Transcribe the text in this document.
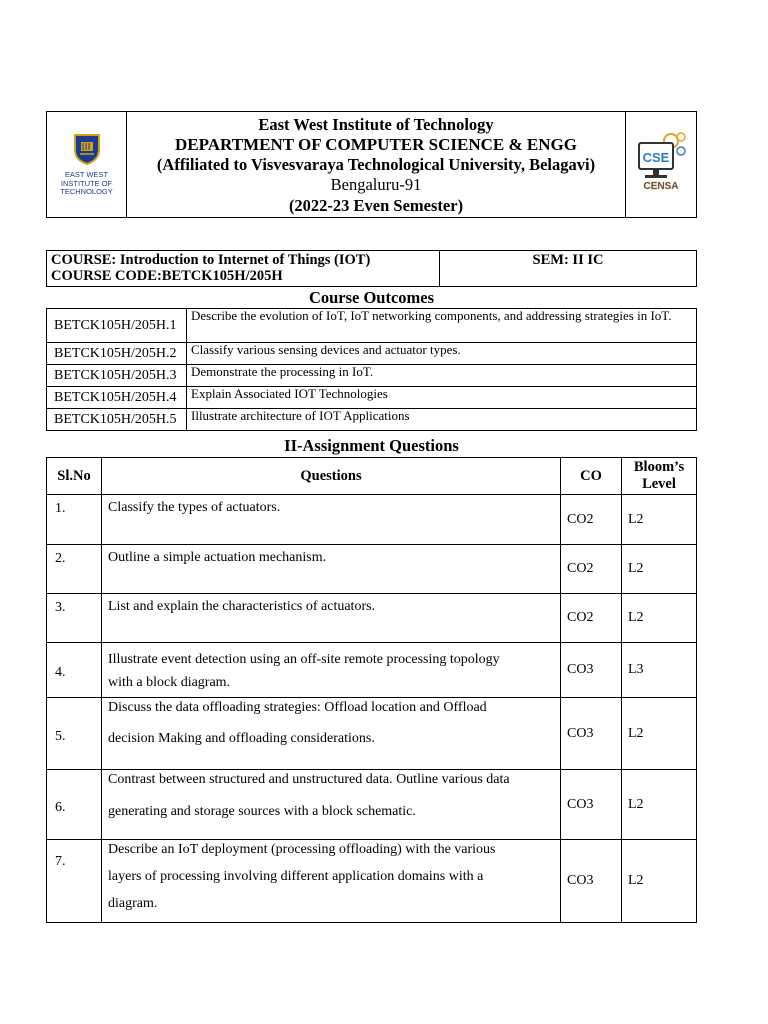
EAST WEST
INSTITUTE OF
TECHNOLOGY

East West Institute of Technology
DEPARTMENT OF COMPUTER SCIENCE & ENGG
(Affiliated to Visvesvaraya Technological University, Belagavi)
Bengaluru-91
(2022-23 Even Semester)

CSE
CENSA
COURSE: Introduction to Internet of Things (IOT)
COURSE CODE:BETCK105H/205H
	SEM: II IC
Course Outcomes
BETCK105H/205H.1	Describe the evolution of IoT, IoT networking components, and addressing strategies in IoT.
BETCK105H/205H.2	Classify various sensing devices and actuator types.
BETCK105H/205H.3	Demonstrate the processing in IoT.
BETCK105H/205H.4	Explain Associated IOT Technologies
BETCK105H/205H.5	Illustrate architecture of IOT Applications
II-Assignment Questions
Sl.No	Questions	CO	Bloom’s
Level

1.	Classify the types of actuators.	CO2	L2
2.	Outline a simple actuation mechanism.	CO2	L2
3.	List and explain the characteristics of actuators.	CO2	L2
4.	Illustrate event detection using an off-site remote processing topology
with a block diagram.	CO3	L3
5.	Discuss the data offloading strategies: Offload location and Offload
decision Making and offloading considerations.	CO3	L2
6.	Contrast between structured and unstructured data. Outline various data
generating and storage sources with a block schematic.	CO3	L2
7.	Describe an IoT deployment (processing offloading) with the various
layers of processing involving different application domains with a
diagram.	CO3	L2
